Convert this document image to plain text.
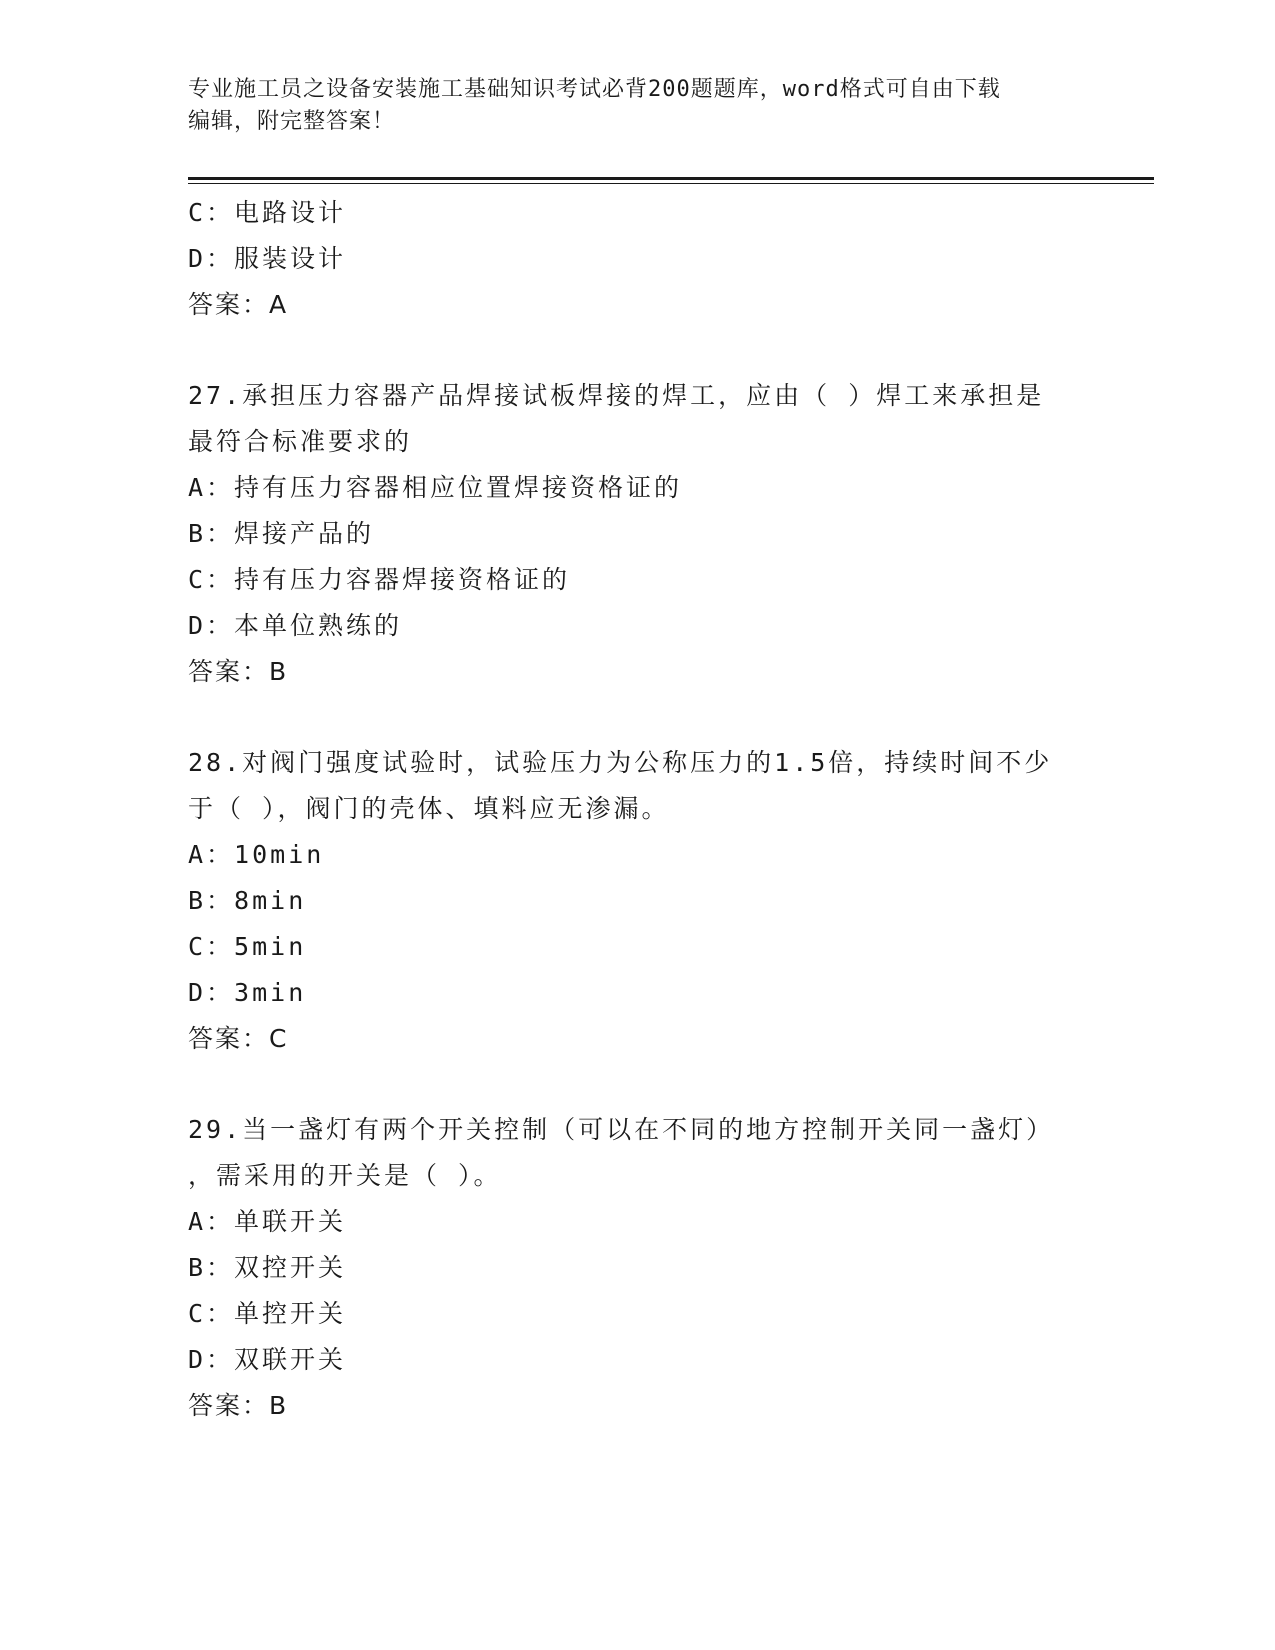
专业施工员之设备安装施工基础知识考试必背200题题库，word格式可自由下载
编辑，附完整答案！
C：电路设计
D：服装设计
答案：A
27.承担压力容器产品焊接试板焊接的焊工，应由（ ）焊工来承担是
最符合标准要求的
A：持有压力容器相应位置焊接资格证的
B：焊接产品的
C：持有压力容器焊接资格证的
D：本单位熟练的
答案：B
28.对阀门强度试验时，试验压力为公称压力的1.5倍，持续时间不少
于（ ），阀门的壳体、填料应无渗漏。
A：10min
B：8min
C：5min
D：3min
答案：C
29.当一盏灯有两个开关控制（可以在不同的地方控制开关同一盏灯）
，需采用的开关是（ ）。
A：单联开关
B：双控开关
C：单控开关
D：双联开关
答案：B
